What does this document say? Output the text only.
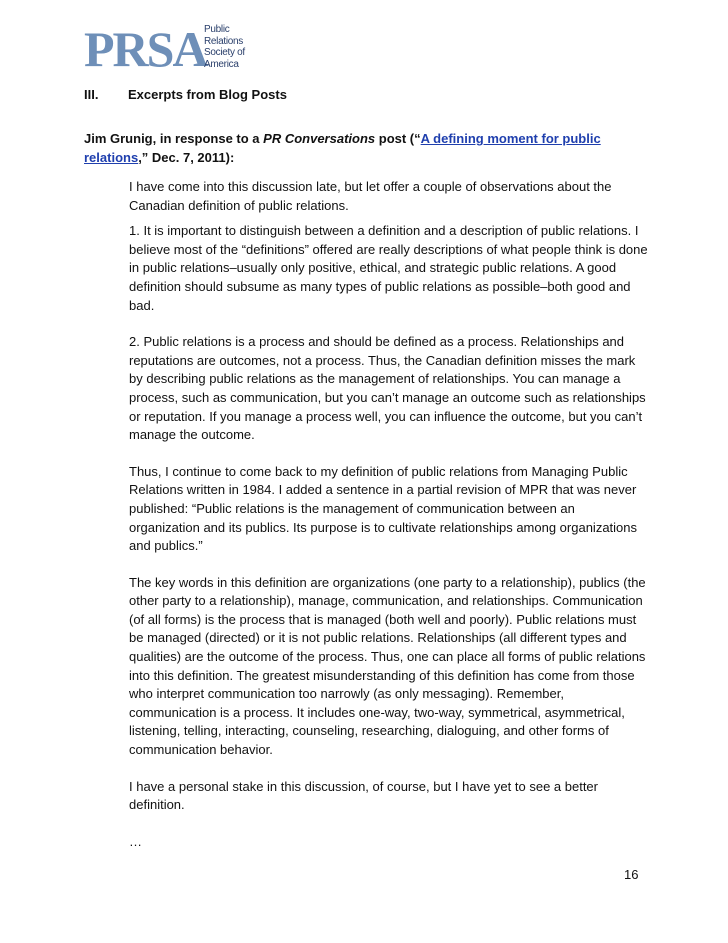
PRSA
Public
Relations
Society of
America
III. Excerpts from Blog Posts
Jim Grunig, in response to a PR Conversations post (“A defining moment for public relations,” Dec. 7, 2011):

I have come into this discussion late, but let offer a couple of observations about the Canadian definition of public relations.

1. It is important to distinguish between a definition and a description of public relations. I believe most of the “definitions” offered are really descriptions of what people think is done in public relations–usually only positive, ethical, and strategic public relations. A good definition should subsume as many types of public relations as possible–both good and bad.

2. Public relations is a process and should be defined as a process. Relationships and reputations are outcomes, not a process. Thus, the Canadian definition misses the mark by describing public relations as the management of relationships. You can manage a process, such as communication, but you can’t manage an outcome such as relationships or reputation. If you manage a process well, you can influence the outcome, but you can’t manage the outcome.

Thus, I continue to come back to my definition of public relations from Managing Public Relations written in 1984. I added a sentence in a partial revision of MPR that was never published: “Public relations is the management of communication between an organization and its publics. Its purpose is to cultivate relationships among organizations and publics.”

The key words in this definition are organizations (one party to a relationship), publics (the other party to a relationship), manage, communication, and relationships. Communication (of all forms) is the process that is managed (both well and poorly). Public relations must be managed (directed) or it is not public relations. Relationships (all different types and qualities) are the outcome of the process. Thus, one can place all forms of public relations into this definition. The greatest misunderstanding of this definition has come from those who interpret communication too narrowly (as only messaging). Remember, communication is a process. It includes one-way, two-way, symmetrical, asymmetrical, listening, telling, interacting, counseling, researching, dialoguing, and other forms of communication behavior.

I have a personal stake in this discussion, of course, but I have yet to see a better definition.

…

16
